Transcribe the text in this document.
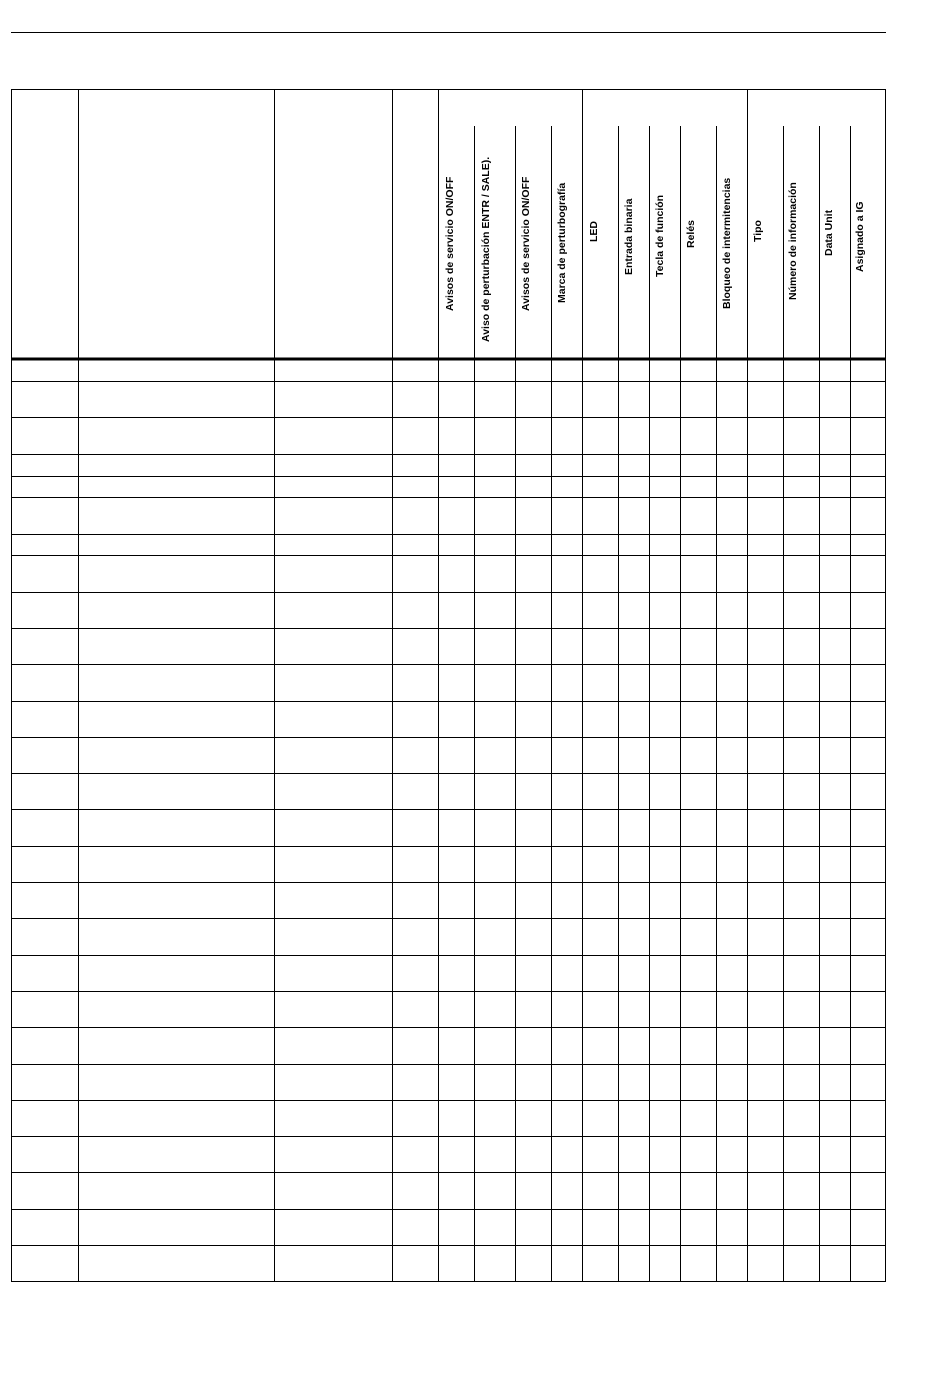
Avisos de servicio ON/OFF Aviso de perturbación ENTR / SALE).	Avisos de servicio ON/OFF Marca de perturbografía LED Entrada binaria Tecla de función Relés Bloqueo de intermitencias Tipo Número de información Data Unit Asignado a IG
